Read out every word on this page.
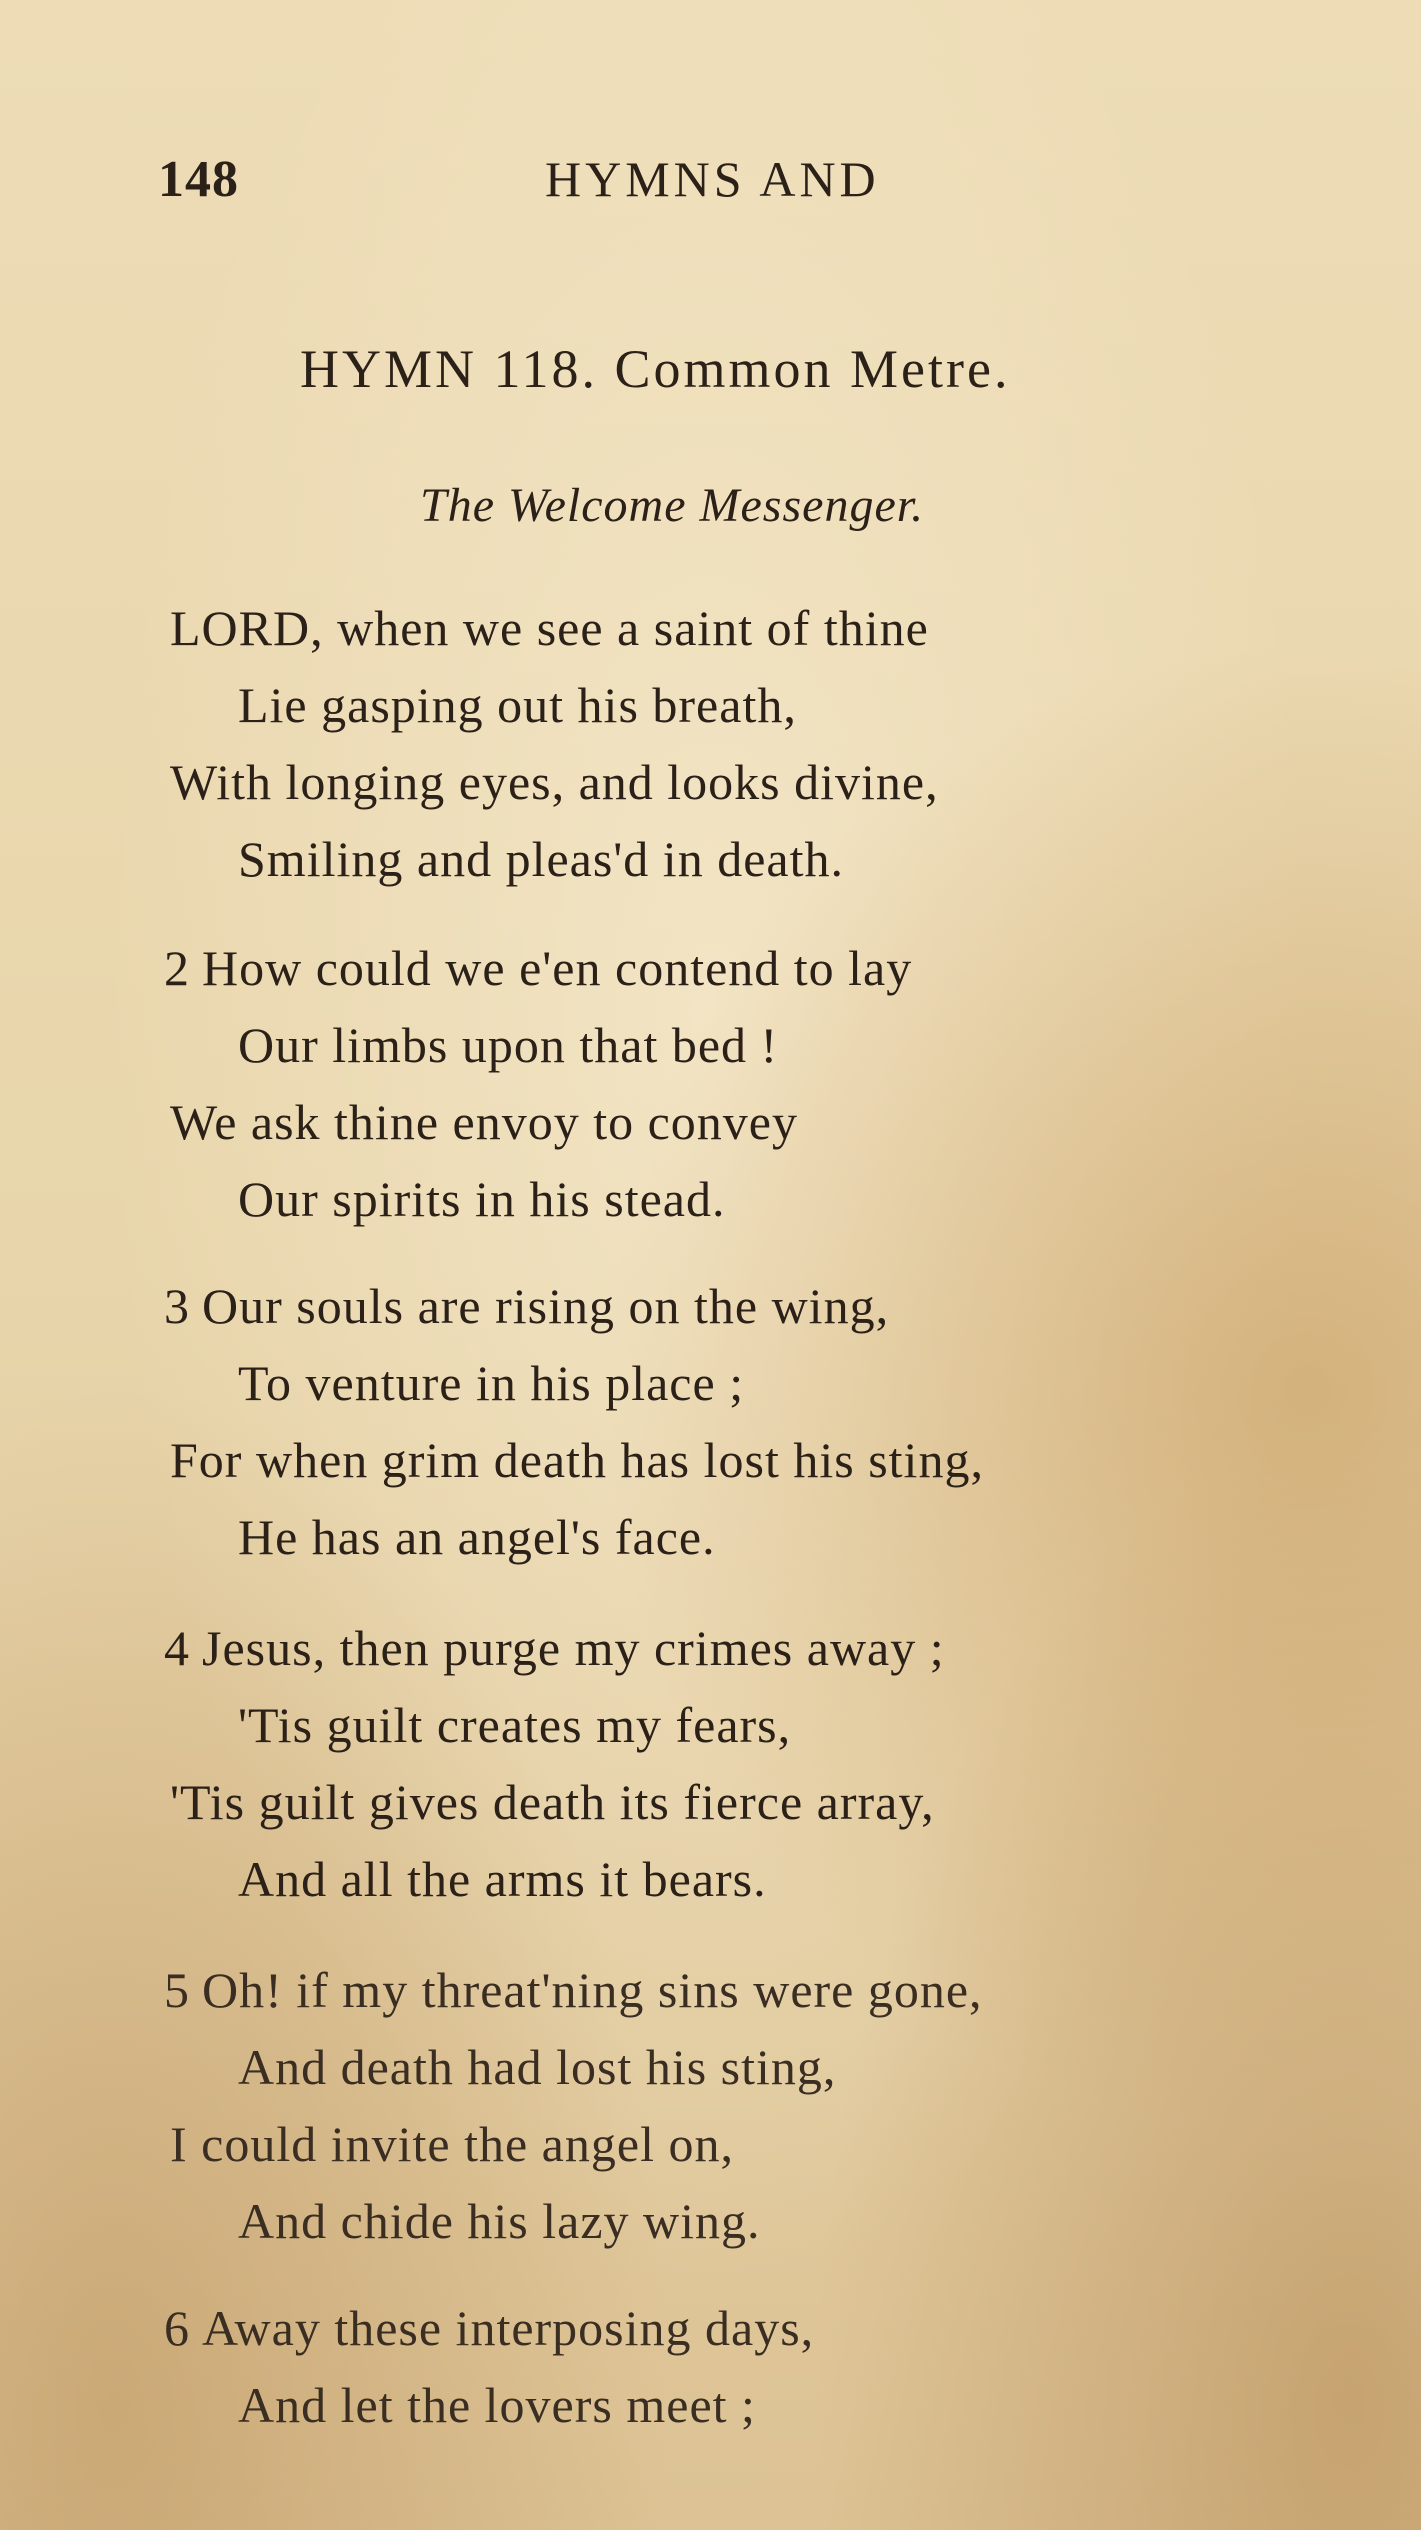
148	HYMNS AND
HYMN 118. Common Metre.
The Welcome Messenger.
LORD, when we see a saint of thine
Lie gasping out his breath,
With longing eyes, and looks divine,
Smiling and pleas'd in death.
2 How could we e'en contend to lay
Our limbs upon that bed !
We ask thine envoy to convey
Our spirits in his stead.
3 Our souls are rising on the wing,
To venture in his place ;
For when grim death has lost his sting,
He has an angel's face.
4 Jesus, then purge my crimes away ;
'Tis guilt creates my fears,
'Tis guilt gives death its fierce array,
And all the arms it bears.
5 Oh! if my threat'ning sins were gone,
And death had lost his sting,
I could invite the angel on,
And chide his lazy wing.
6 Away these interposing days,
And let the lovers meet ;
